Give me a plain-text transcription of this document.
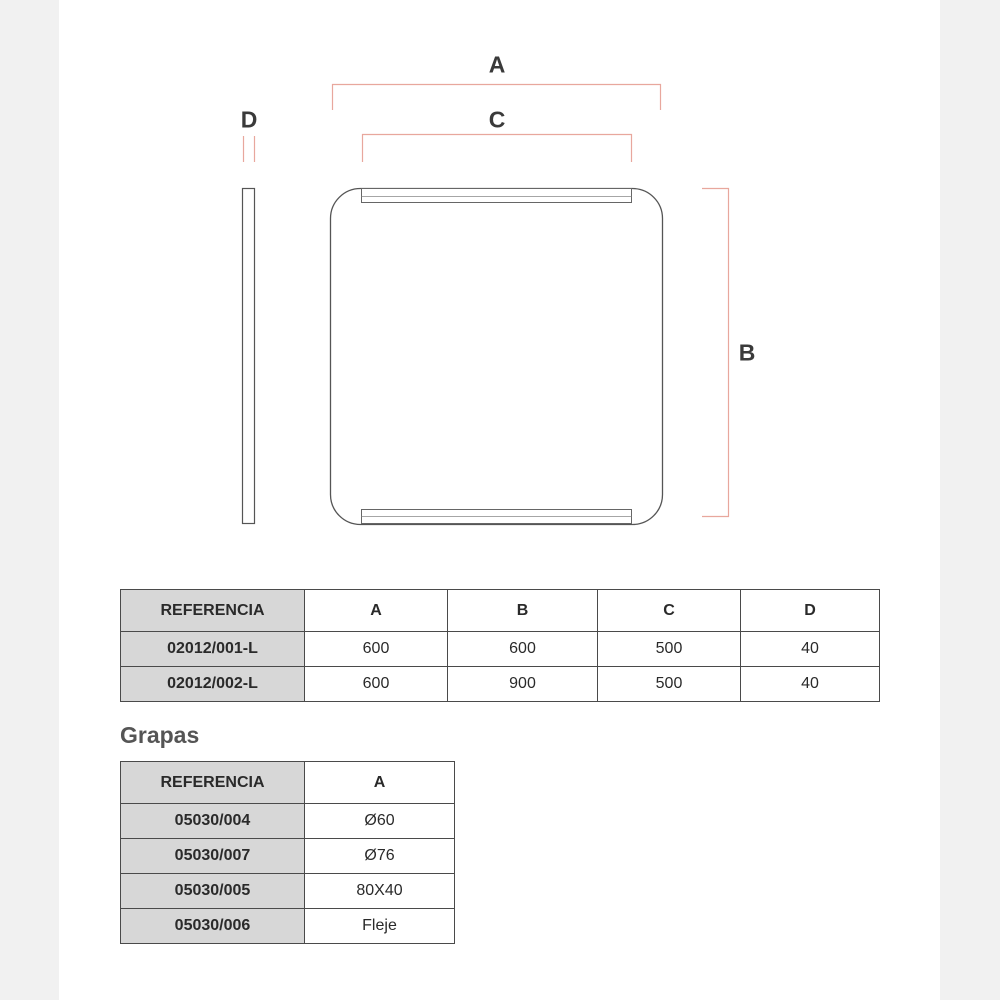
A
C
D
B
REFERENCIA	A	B	C	D
02012/001-L	600	600	500	40
02012/002-L	600	900	500	40
Grapas
REFERENCIA	A
05030/004	Ø60
05030/007	Ø76
05030/005	80X40
05030/006	Fleje
